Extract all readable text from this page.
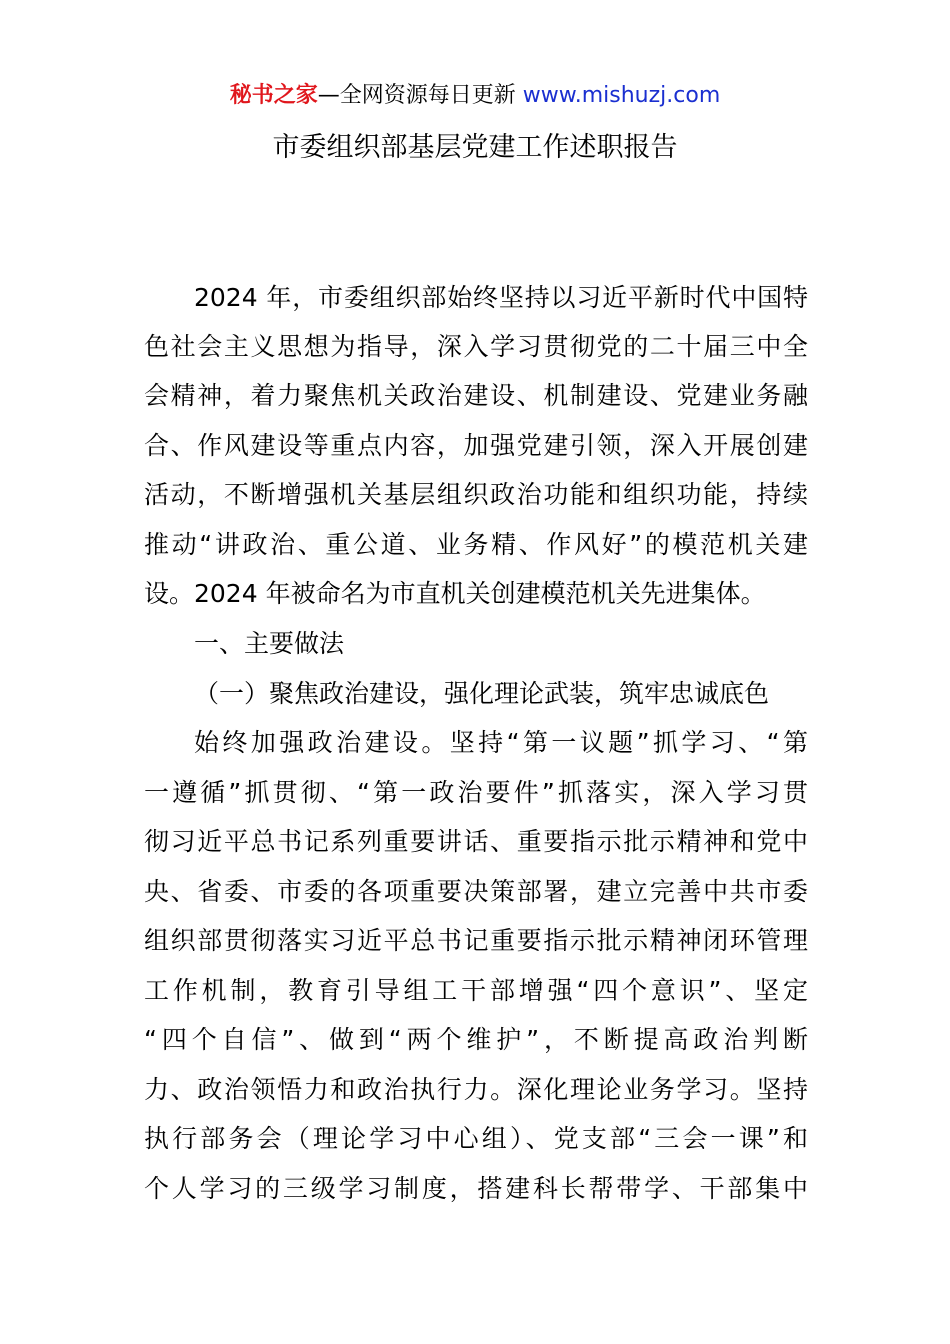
秘书之家—全网资源每日更新 www.mishuzj.com
市委组织部基层党建工作述职报告
2024 年，市委组织部始终坚持以习近平新时代中国特
色社会主义思想为指导，深入学习贯彻党的二十届三中全
会精神，着力聚焦机关政治建设、机制建设、党建业务融
合、作风建设等重点内容，加强党建引领，深入开展创建
活动，不断增强机关基层组织政治功能和组织功能，持续
推动“讲政治、重公道、业务精、作风好”的模范机关建
设。2024 年被命名为市直机关创建模范机关先进集体。
一、主要做法
（一）聚焦政治建设，强化理论武装，筑牢忠诚底色
始终加强政治建设。坚持“第一议题”抓学习、“第
一遵循”抓贯彻、“第一政治要件”抓落实，深入学习贯
彻习近平总书记系列重要讲话、重要指示批示精神和党中
央、省委、市委的各项重要决策部署，建立完善中共市委
组织部贯彻落实习近平总书记重要指示批示精神闭环管理
工作机制，教育引导组工干部增强“四个意识”、坚定
“四个自信”、做到“两个维护”，不断提高政治判断
力、政治领悟力和政治执行力。深化理论业务学习。坚持
执行部务会（理论学习中心组）、党支部“三会一课”和
个人学习的三级学习制度，搭建科长帮带学、干部集中
